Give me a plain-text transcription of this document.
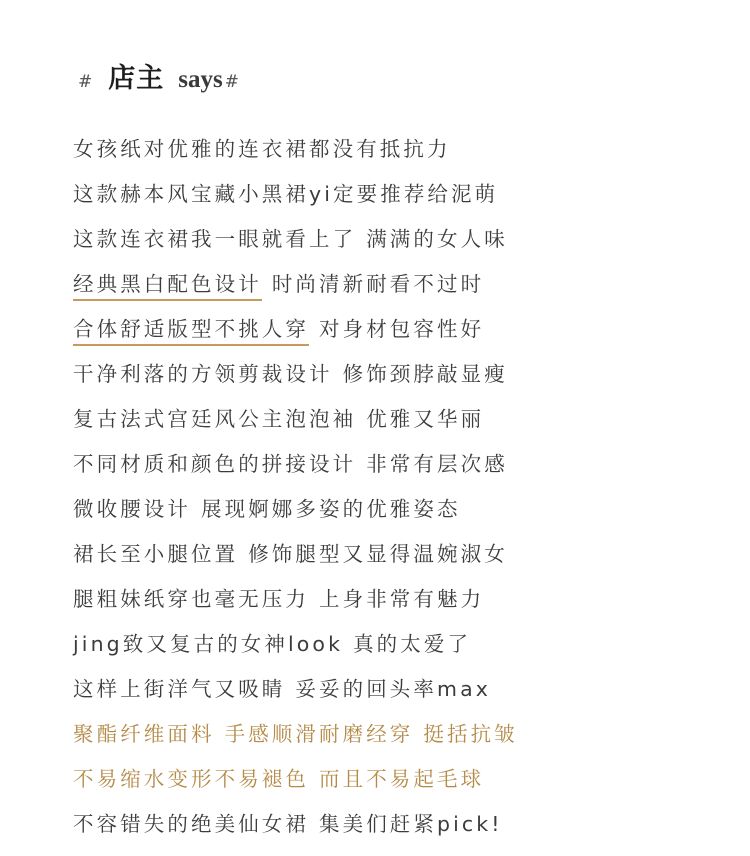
# 店主 says #
女孩纸对优雅的连衣裙都没有抵抗力
这款赫本风宝藏小黑裙yi定要推荐给泥萌
这款连衣裙我一眼就看上了 满满的女人味
经典黑白配色设计 时尚清新耐看不过时
合体舒适版型不挑人穿 对身材包容性好
干净利落的方领剪裁设计 修饰颈脖敲显瘦
复古法式宫廷风公主泡泡袖 优雅又华丽
不同材质和颜色的拼接设计 非常有层次感
微收腰设计 展现婀娜多姿的优雅姿态
裙长至小腿位置 修饰腿型又显得温婉淑女
腿粗妹纸穿也毫无压力 上身非常有魅力
jing致又复古的女神look 真的太爱了
这样上街洋气又吸睛 妥妥的回头率max
聚酯纤维面料 手感顺滑耐磨经穿 挺括抗皱
不易缩水变形不易褪色 而且不易起毛球
不容错失的绝美仙女裙 集美们赶紧pick!
